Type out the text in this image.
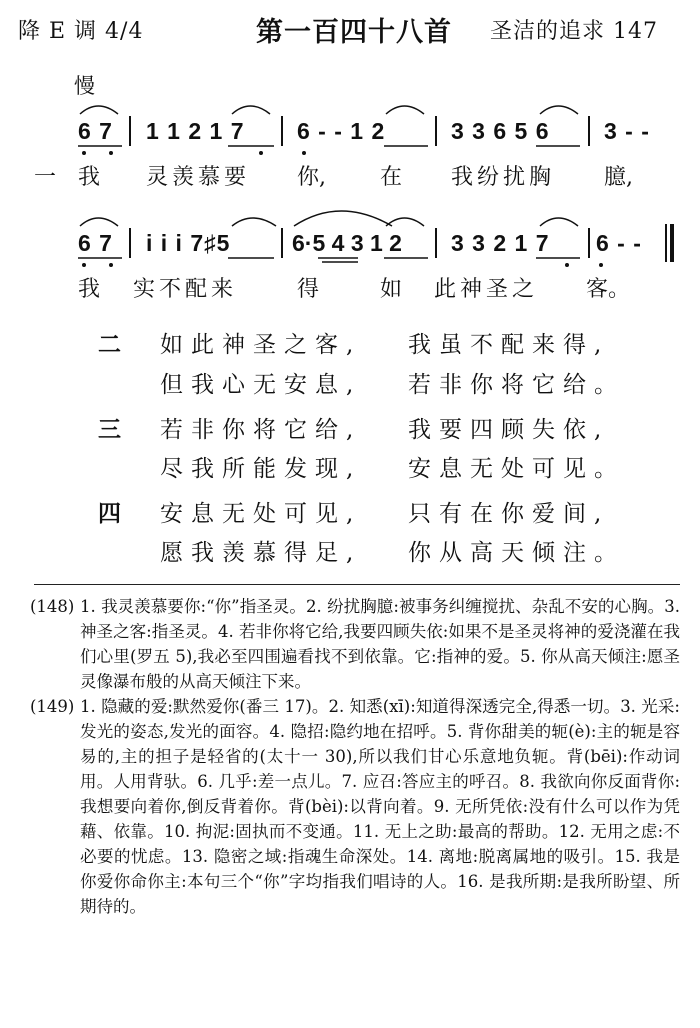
降 E 调 4/4	第一百四十八首 圣洁的追求 147
慢
6 7 1 1 2 1 7 6 - - 1 2	3 3 6 5 6 3 - -
一 我 灵羡慕要 你, 在 我纷扰胸 臆,
6 7 i i i 7♯5	6·5 4 3 1 2 3 3 2 1 7 6 - -
我 实不配来	得	如 此神圣之 客。
二 如此神圣之客, 我虽不配来得,
但我心无安息, 若非你将它给。
三 若非你将它给, 我要四顾失依,
尽我所能发现, 安息无处可见。
四 安息无处可见, 只有在你爱间,
愿我羡慕得足, 你从高天倾注。

(148) 1. 我灵羡慕要你:“你”指圣灵。2. 纷扰胸臆:被事务纠缠搅扰、杂乱不安的心胸。3. 神圣之客:指圣灵。4. 若非你将它给,我要四顾失依:如果不是圣灵将神的爱浇灌在我们心里(罗五 5),我必至四围遍看找不到依靠。它:指神的爱。5. 你从高天倾注:愿圣灵像瀑布般的从高天倾注下来。

(149) 1. 隐藏的爱:默然爱你(番三 17)。2. 知悉(xī):知道得深透完全,得悉一切。3. 光采:发光的姿态,发光的面容。4. 隐招:隐约地在招呼。5. 背你甜美的轭(è):主的轭是容易的,主的担子是轻省的(太十一 30),所以我们甘心乐意地负轭。背(bēi):作动词用。人用背驮。6. 几乎:差一点儿。7. 应召:答应主的呼召。8. 我欲向你反面背你:我想要向着你,倒反背着你。背(bèi):以背向着。9. 无所凭依:没有什么可以作为凭藉、依靠。10. 拘泥:固执而不变通。11. 无上之助:最高的帮助。12. 无用之虑:不必要的忧虑。13. 隐密之域:指魂生命深处。14. 离地:脱离属地的吸引。15. 我是你爱你命你主:本句三个“你”字均指我们唱诗的人。16. 是我所期:是我所盼望、所期待的。
